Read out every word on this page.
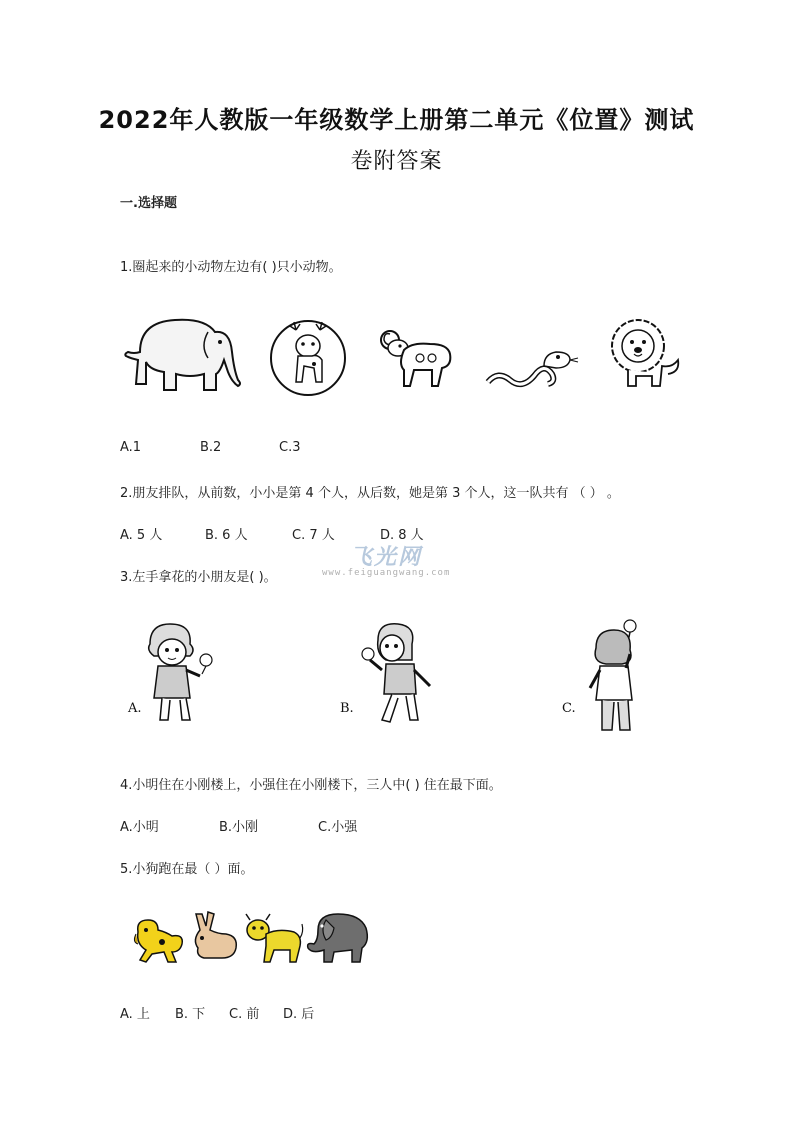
2022年人教版一年级数学上册第二单元《位置》测试
卷附答案
一.选择题
1.圈起来的小动物左边有( )只小动物。
A.1	B.2	C.3
2.朋友排队，从前数，小小是第 4 个人，从后数，她是第 3 个人，这一队共有 （ ） 。
A. 5 人	B. 6 人	C. 7 人	D. 8 人
飞光网
www.feiguangwang.com
3.左手拿花的小朋友是( )。
A.	B.	C.
4.小明住在小刚楼上，小强住在小刚楼下，三人中( ) 住在最下面。
A.小明	B.小刚	C.小强
5.小狗跑在最（ ）面。
A. 上 B. 下 C. 前 D. 后
